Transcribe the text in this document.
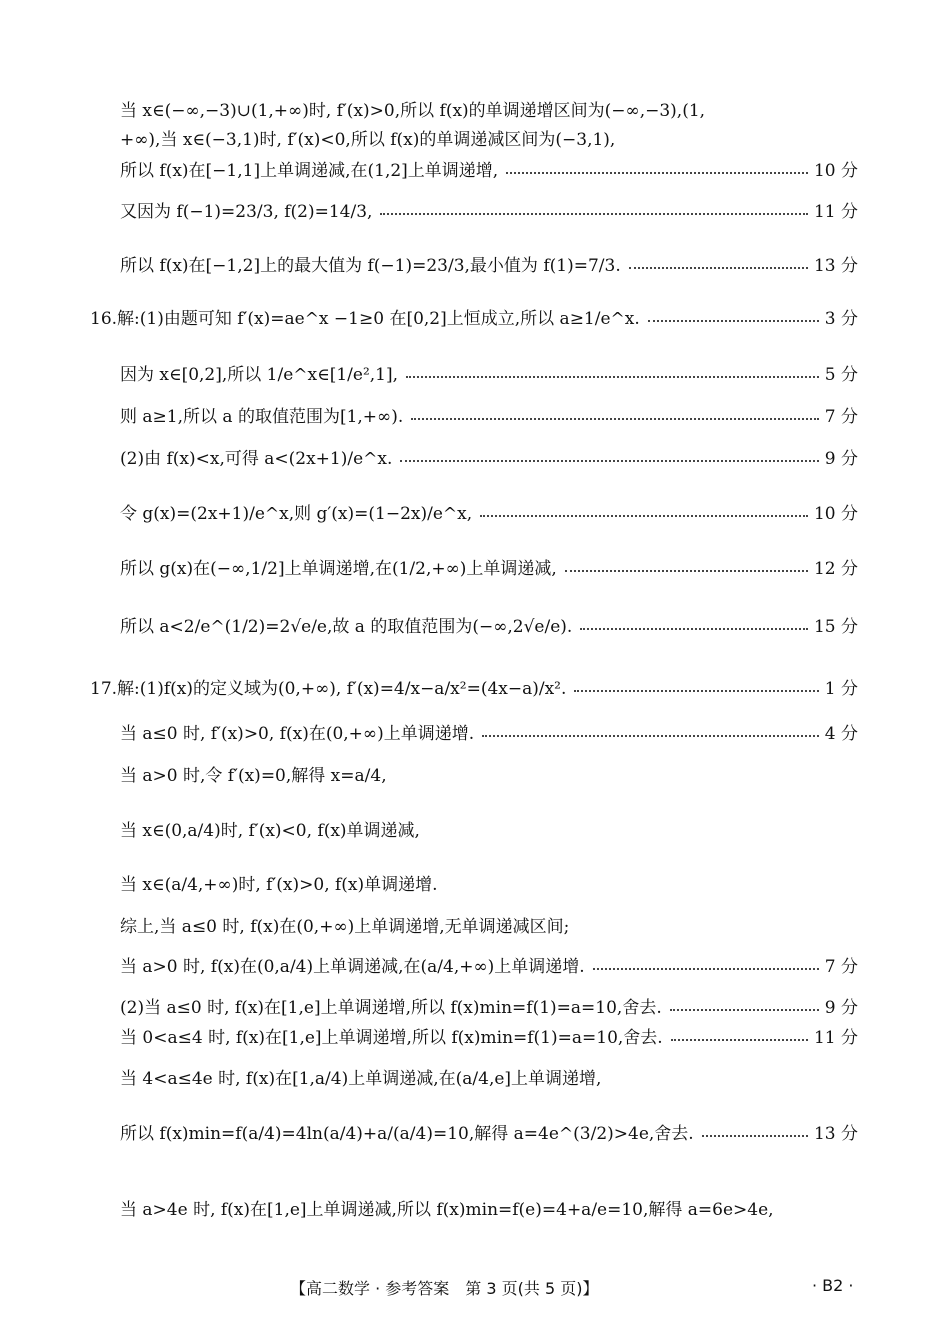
当 x∈(−∞,−3)∪(1,+∞)时, f′(x)>0,所以 f(x)的单调递增区间为(−∞,−3),(1,
+∞),当 x∈(−3,1)时, f′(x)<0,所以 f(x)的单调递减区间为(−3,1),
所以 f(x)在[−1,1]上单调递减,在(1,2]上单调递增,	10 分
又因为 f(−1)=23/3, f(2)=14/3,	11 分
所以 f(x)在[−1,2]上的最大值为 f(−1)=23/3,最小值为 f(1)=7/3.	13 分
16.解:(1)由题可知 f′(x)=ae^x −1≥0 在[0,2]上恒成立,所以 a≥1/e^x.	3 分
因为 x∈[0,2],所以 1/e^x∈[1/e²,1],	5 分
则 a≥1,所以 a 的取值范围为[1,+∞).	7 分
(2)由 f(x)<x,可得 a<(2x+1)/e^x.	9 分
令 g(x)=(2x+1)/e^x,则 g′(x)=(1−2x)/e^x,	10 分
所以 g(x)在(−∞,1/2]上单调递增,在(1/2,+∞)上单调递减,	12 分
所以 a<2/e^(1/2)=2√e/e,故 a 的取值范围为(−∞,2√e/e).	15 分
17.解:(1)f(x)的定义域为(0,+∞), f′(x)=4/x−a/x²=(4x−a)/x².	1 分
当 a≤0 时, f′(x)>0, f(x)在(0,+∞)上单调递增.	4 分
当 a>0 时,令 f′(x)=0,解得 x=a/4,
当 x∈(0,a/4)时, f′(x)<0, f(x)单调递减,
当 x∈(a/4,+∞)时, f′(x)>0, f(x)单调递增.
综上,当 a≤0 时, f(x)在(0,+∞)上单调递增,无单调递减区间;
当 a>0 时, f(x)在(0,a/4)上单调递减,在(a/4,+∞)上单调递增.	7 分
(2)当 a≤0 时, f(x)在[1,e]上单调递增,所以 f(x)min=f(1)=a=10,舍去.	9 分
当 0<a≤4 时, f(x)在[1,e]上单调递增,所以 f(x)min=f(1)=a=10,舍去.	11 分
当 4<a≤4e 时, f(x)在[1,a/4)上单调递减,在(a/4,e]上单调递增,
所以 f(x)min=f(a/4)=4ln(a/4)+a/(a/4)=10,解得 a=4e^(3/2)>4e,舍去.	13 分
当 a>4e 时, f(x)在[1,e]上单调递减,所以 f(x)min=f(e)=4+a/e=10,解得 a=6e>4e,
【高二数学 · 参考答案　第 3 页(共 5 页)】	· B2 ·
